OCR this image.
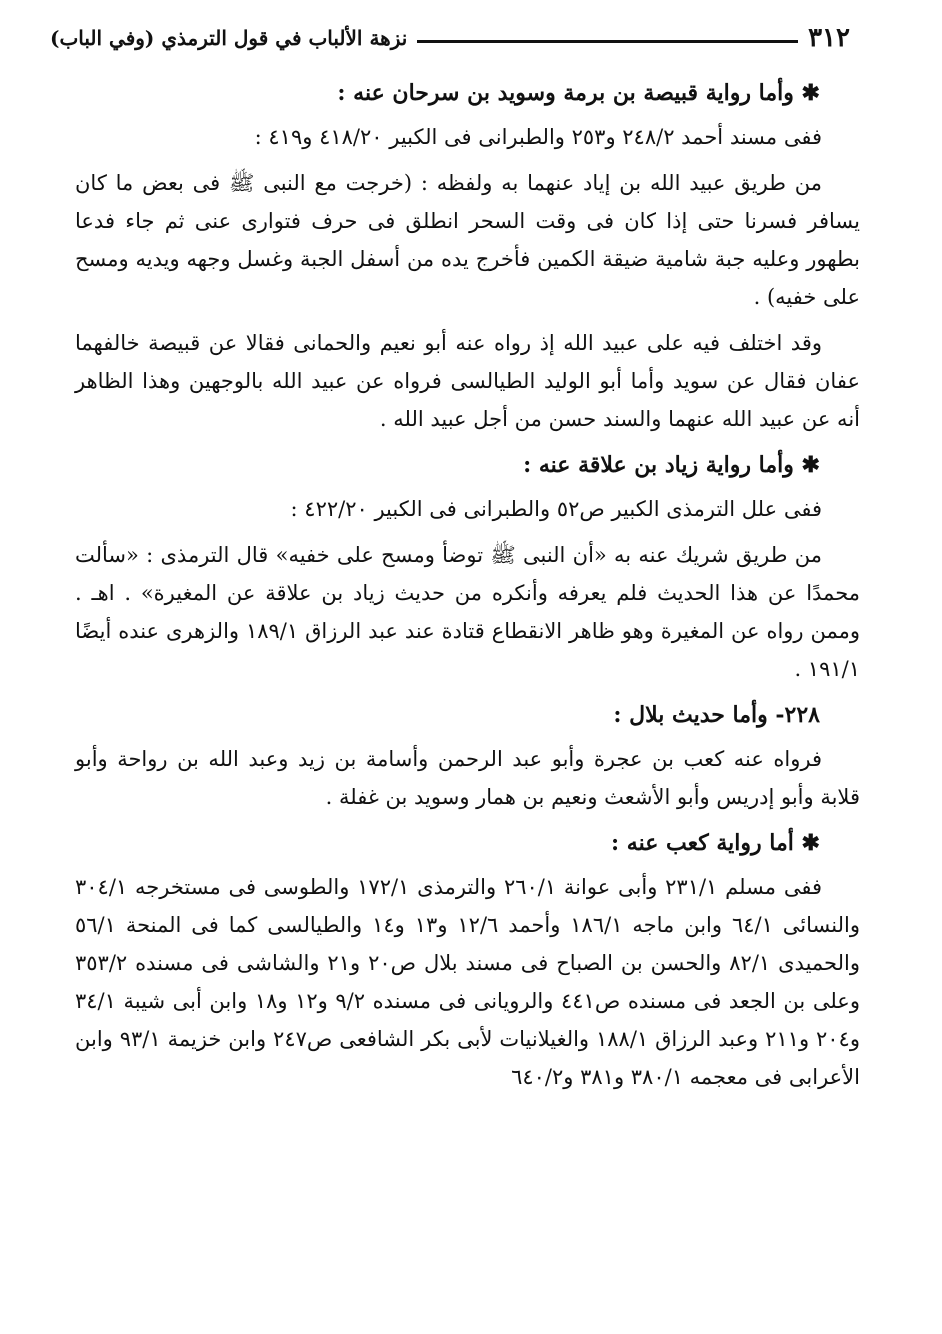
٣١٢
نزهة الألباب في قول الترمذي (وفي الباب)
✱ وأما رواية قبيصة بن برمة وسويد بن سرحان عنه :

ففى مسند أحمد ٢٤٨/٢ و٢٥٣ والطبرانى فى الكبير ٤١٨/٢٠ و٤١٩ :

من طريق عبيد الله بن إياد عنهما به ولفظه : (خرجت مع النبى ﷺ فى بعض ما كان يسافر فسرنا حتى إذا كان فى وقت السحر انطلق فى حرف فتوارى عنى ثم جاء فدعا بطهور وعليه جبة شامية ضيقة الكمين فأخرج يده من أسفل الجبة وغسل وجهه ويديه ومسح على خفيه) .

وقد اختلف فيه على عبيد الله إذ رواه عنه أبو نعيم والحمانى فقالا عن قبيصة خالفهما عفان فقال عن سويد وأما أبو الوليد الطيالسى فرواه عن عبيد الله بالوجهين وهذا الظاهر أنه عن عبيد الله عنهما والسند حسن من أجل عبيد الله .

✱ وأما رواية زياد بن علاقة عنه :

ففى علل الترمذى الكبير ص٥٢ والطبرانى فى الكبير ٤٢٢/٢٠ :

من طريق شريك عنه به «أن النبى ﷺ توضأ ومسح على خفيه» قال الترمذى : «سألت محمدًا عن هذا الحديث فلم يعرفه وأنكره من حديث زياد بن علاقة عن المغيرة» . اهـ . وممن رواه عن المغيرة وهو ظاهر الانقطاع قتادة عند عبد الرزاق ١٨٩/١ والزهرى عنده أيضًا ١٩١/١ .

٢٢٨- وأما حديث بلال :

فرواه عنه كعب بن عجرة وأبو عبد الرحمن وأسامة بن زيد وعبد الله بن رواحة وأبو قلابة وأبو إدريس وأبو الأشعث ونعيم بن همار وسويد بن غفلة .

✱ أما رواية كعب عنه :

ففى مسلم ٢٣١/١ وأبى عوانة ٢٦٠/١ والترمذى ١٧٢/١ والطوسى فى مستخرجه ٣٠٤/١ والنسائى ٦٤/١ وابن ماجه ١٨٦/١ وأحمد ١٢/٦ و١٣ و١٤ والطيالسى كما فى المنحة ٥٦/١ والحميدى ٨٢/١ والحسن بن الصباح فى مسند بلال ص٢٠ و٢١ والشاشى فى مسنده ٣٥٣/٢ وعلى بن الجعد فى مسنده ص٤٤١ والرويانى فى مسنده ٩/٢ و١٢ و١٨ وابن أبى شيبة ٣٤/١ و٢٠٤ و٢١١ وعبد الرزاق ١٨٨/١ والغيلانيات لأبى بكر الشافعى ص٢٤٧ وابن خزيمة ٩٣/١ وابن الأعرابى فى معجمه ٣٨٠/١ و٣٨١ و٦٤٠/٢
